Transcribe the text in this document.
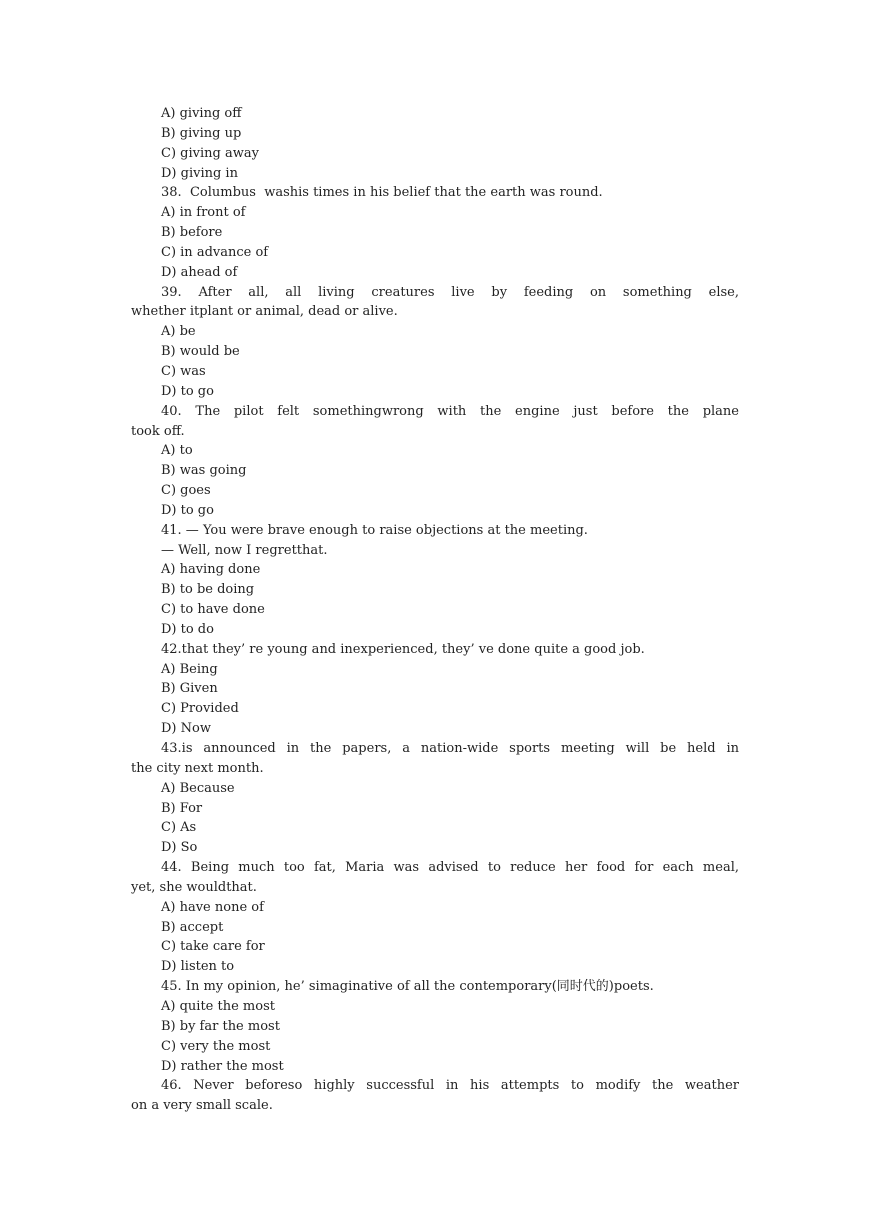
A) giving off
B) giving up
C) giving away
D) giving in
38.  Columbus  washis times in his belief that the earth was round.
A) in front of
B) before
C) in advance of
D) ahead of
39. After all, all living creatures live by feeding on something else,
whether itplant or animal, dead or alive.
A) be
B) would be
C) was
D) to go
40. The pilot felt somethingwrong with the engine just before the plane
took off.
A) to
B) was going
C) goes
D) to go
41. — You were brave enough to raise objections at the meeting.
— Well, now I regretthat.
A) having done
B) to be doing
C) to have done
D) to do
42.that they’ re young and inexperienced, they’ ve done quite a good job.
A) Being
B) Given
C) Provided
D) Now
43.is announced in the papers, a nation-wide sports meeting will be held in
the city next month.
A) Because
B) For
C) As
D) So
44. Being much too fat, Maria was advised to reduce her food for each meal,
yet, she wouldthat.
A) have none of
B) accept
C) take care for
D) listen to
45. In my opinion, he’ simaginative of all the contemporary(同时代的)poets.
A) quite the most
B) by far the most
C) very the most
D) rather the most
46. Never beforeso highly successful in his attempts to modify the weather
on a very small scale.
